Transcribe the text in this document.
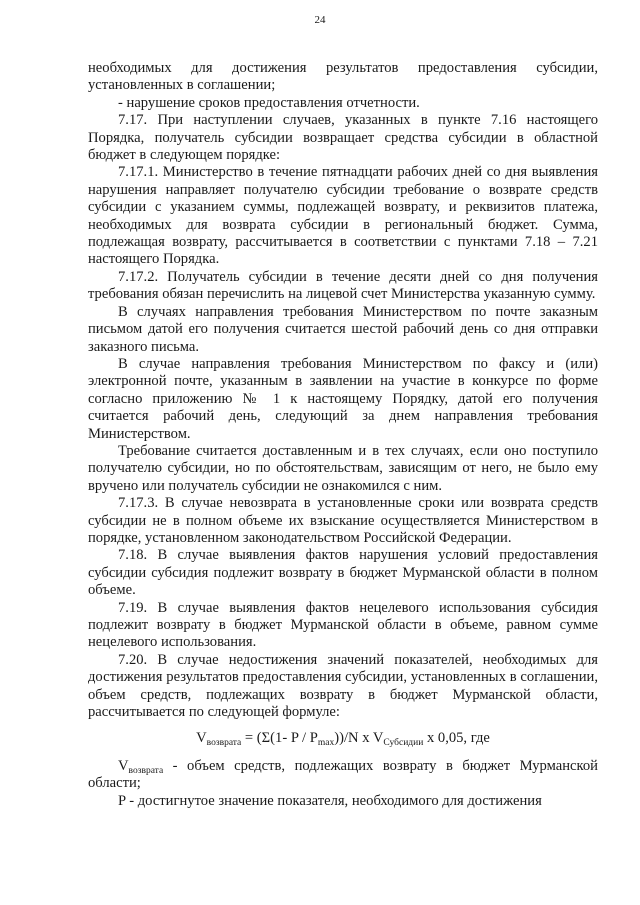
24

необходимых для достижения результатов предоставления субсидии, установленных в соглашении;

- нарушение сроков предоставления отчетности.

7.17. При наступлении случаев, указанных в пункте 7.16 настоящего Порядка, получатель субсидии возвращает средства субсидии в областной бюджет в следующем порядке:

7.17.1. Министерство в течение пятнадцати рабочих дней со дня выявления нарушения направляет получателю субсидии требование о возврате средств субсидии с указанием суммы, подлежащей возврату, и реквизитов платежа, необходимых для возврата субсидии в региональный бюджет. Сумма, подлежащая возврату, рассчитывается в соответствии с пунктами 7.18 – 7.21 настоящего Порядка.

7.17.2. Получатель субсидии в течение десяти дней со дня получения требования обязан перечислить на лицевой счет Министерства указанную сумму.

В случаях направления требования Министерством по почте заказным письмом датой его получения считается шестой рабочий день со дня отправки заказного письма.

В случае направления требования Министерством по факсу и (или) электронной почте, указанным в заявлении на участие в конкурсе по форме согласно приложению № 1 к настоящему Порядку, датой его получения считается рабочий день, следующий за днем направления требования Министерством.

Требование считается доставленным и в тех случаях, если оно поступило получателю субсидии, но по обстоятельствам, зависящим от него, не было ему вручено или получатель субсидии не ознакомился с ним.

7.17.3. В случае невозврата в установленные сроки или возврата средств субсидии не в полном объеме их взыскание осуществляется Министерством в порядке, установленном законодательством Российской Федерации.

7.18. В случае выявления фактов нарушения условий предоставления субсидии субсидия подлежит возврату в бюджет Мурманской области в полном объеме.

7.19. В случае выявления фактов нецелевого использования субсидия подлежит возврату в бюджет Мурманской области в объеме, равном сумме нецелевого использования.

7.20. В случае недостижения значений показателей, необходимых для достижения результатов предоставления субсидии, установленных в соглашении, объем средств, подлежащих возврату в бюджет Мурманской области, рассчитывается по следующей формуле:

$V_{возврата} = (\Sigma(1-$ P / $P_{max}))/N$ x $V_{Субсидии}$ x 0,05, где

$V_{возврата}$ - объем средств, подлежащих возврату в бюджет Мурманской области;

P - достигнутое значение показателя, необходимого для достижения
